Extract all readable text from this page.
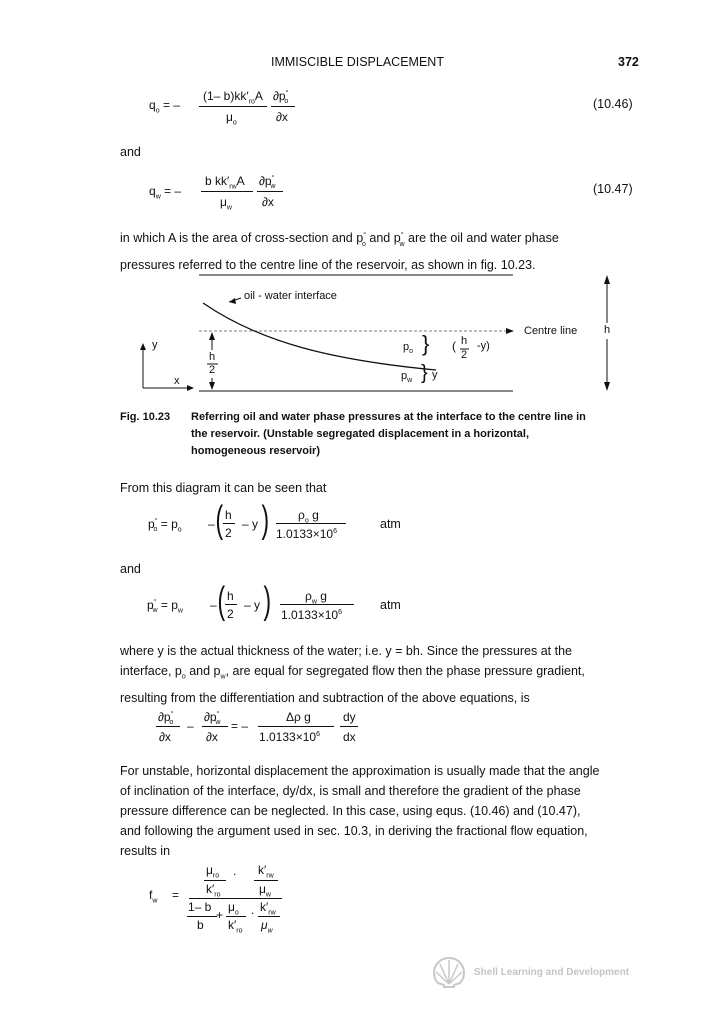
IMMISCIBLE DISPLACEMENT	372
$q_o$ = –
(1– $b)kk'_{ro}A$ $\partial p^\circ_o$
$\mu_o$	∂x
(10.46)
and
$q_w$ = –
b $kk'_{rw}A$ $\partial p^\circ_w$
$\mu_w$	∂x
(10.47)
in which A is the area of cross-section and $p^\circ_o$ and $p^\circ_w$ are the oil and water phase
pressures referred to the centre line of the reservoir, as shown in fig. 10.23.
oil - water interface
Centre line h
y
x
h
2
$p_o$ } ( h
2
-y)
$p_w$ } y
Fig. 10.23 Referring oil and water phase pressures at the interface to the centre line in
the reservoir. (Unstable segregated displacement in a horizontal,
homogeneous reservoir)
From this diagram it can be seen that
$p^\circ_o = p_o$ – ( h
2
– y ) $\rho_o$ g
$1.0133\times 10^6$
atm
and
$p^\circ_w = p_w$ – ( h
2
– y )	$\rho_w$ g
$1.0133\times 10^6$
atm
where y is the actual thickness of the water; i.e. y = bh. Since the pressures at the
interface, $p_o$ and $p_w$, are equal for segregated flow then the phase pressure gradient,
resulting from the differentiation and subtraction of the above equations, is
$\partial p^\circ_o$
∂x
–
$\partial p^\circ_w$
∂x
= –
Δρ g
$1.0133\times 10^6$
dy
dx
For unstable, horizontal displacement the approximation is usually made that the angle
of inclination of the interface, dy/dx, is small and therefore the gradient of the phase
pressure difference can be neglected. In this case, using equs. (10.46) and (10.47),
and following the argument used in sec. 10.3, in deriving the fractional flow equation,
results in
$f_w$ =
$\mu_{ro}$ . $k'_{rw}$
$k'_{ro}$	$\mu_w$
1– b
b
+
$\mu_o$
$k'_{ro}$
. $k'_{rw}$
$\mu_w$
Shell Learning and Development
